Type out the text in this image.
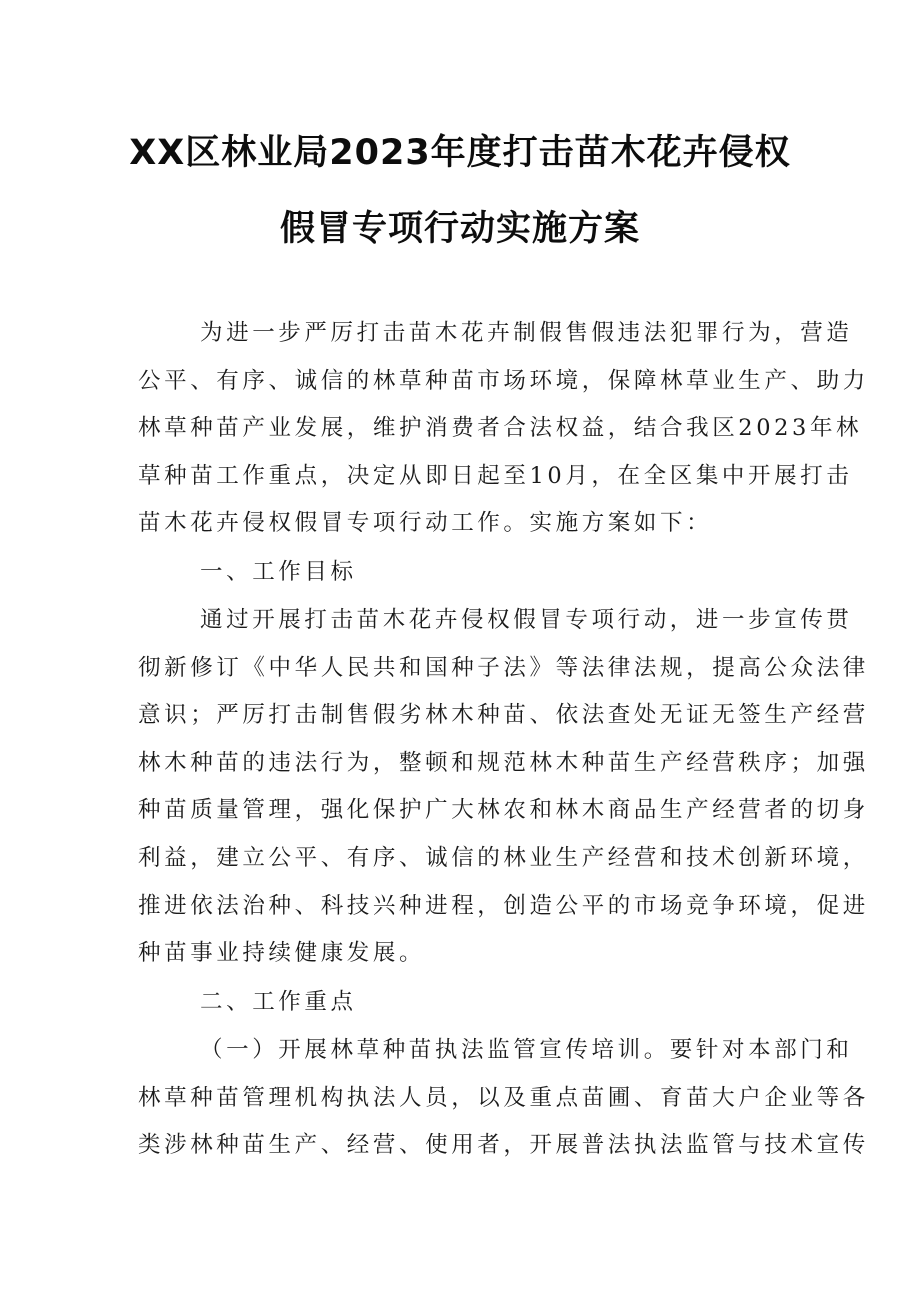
XX区林业局2023年度打击苗木花卉侵权
假冒专项行动实施方案
为进一步严厉打击苗木花卉制假售假违法犯罪行为，营造
公平、有序、诚信的林草种苗市场环境，保障林草业生产、助力
林草种苗产业发展，维护消费者合法权益，结合我区2023年林
草种苗工作重点，决定从即日起至10月，在全区集中开展打击
苗木花卉侵权假冒专项行动工作。实施方案如下：
一、工作目标
通过开展打击苗木花卉侵权假冒专项行动，进一步宣传贯
彻新修订《中华人民共和国种子法》等法律法规，提高公众法律
意识；严厉打击制售假劣林木种苗、依法查处无证无签生产经营
林木种苗的违法行为，整顿和规范林木种苗生产经营秩序；加强
种苗质量管理，强化保护广大林农和林木商品生产经营者的切身
利益，建立公平、有序、诚信的林业生产经营和技术创新环境，
推进依法治种、科技兴种进程，创造公平的市场竞争环境，促进
种苗事业持续健康发展。
二、工作重点
（一）开展林草种苗执法监管宣传培训。要针对本部门和
林草种苗管理机构执法人员，以及重点苗圃、育苗大户企业等各
类涉林种苗生产、经营、使用者，开展普法执法监管与技术宣传
